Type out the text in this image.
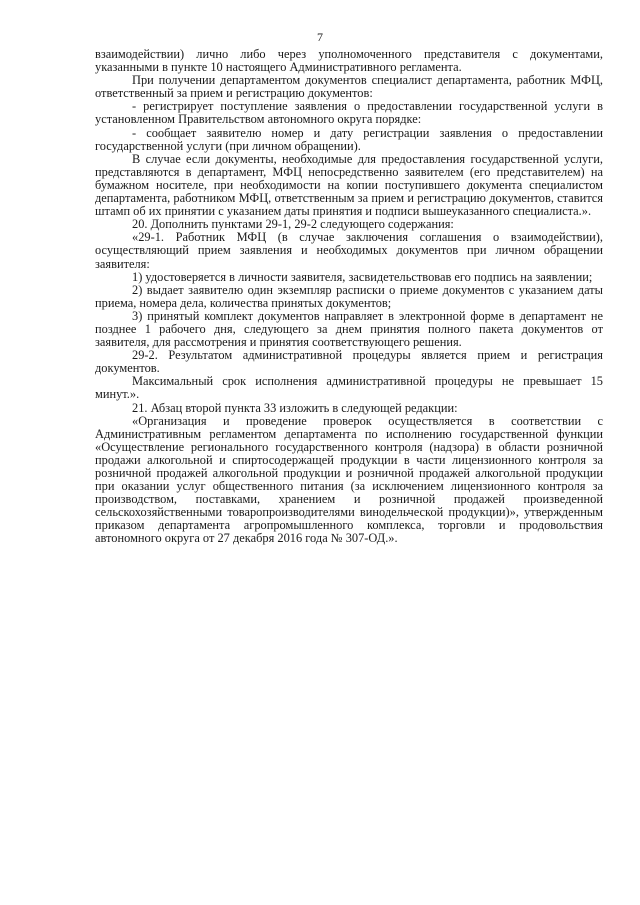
7

взаимодействии) лично либо через уполномоченного представителя с документами, указанными в пункте 10 настоящего Административного регламента.

При получении департаментом документов специалист департамента, работник МФЦ, ответственный за прием и регистрацию документов:

- регистрирует поступление заявления о предоставлении государственной услуги в установленном Правительством автономного округа порядке:

- сообщает заявителю номер и дату регистрации заявления о предоставлении государственной услуги (при личном обращении).

В случае если документы, необходимые для предоставления государственной услуги, представляются в департамент, МФЦ непосредственно заявителем (его представителем) на бумажном носителе, при необходимости на копии поступившего документа специалистом департамента, работником МФЦ, ответственным за прием и регистрацию документов, ставится штамп об их принятии с указанием даты принятия и подписи вышеуказанного специалиста.».

20. Дополнить пунктами 29-1, 29-2 следующего содержания:

«29-1. Работник МФЦ (в случае заключения соглашения о взаимодействии), осуществляющий прием заявления и необходимых документов при личном обращении заявителя:

1) удостоверяется в личности заявителя, засвидетельствовав его подпись на заявлении;

2) выдает заявителю один экземпляр расписки о приеме документов с указанием даты приема, номера дела, количества принятых документов;

3) принятый комплект документов направляет в электронной форме в департамент не позднее 1 рабочего дня, следующего за днем принятия полного пакета документов от заявителя, для рассмотрения и принятия соответствующего решения.

29-2. Результатом административной процедуры является прием и регистрация документов.

Максимальный срок исполнения административной процедуры не превышает 15 минут.».

21. Абзац второй пункта 33 изложить в следующей редакции:

«Организация и проведение проверок осуществляется в соответствии с Административным регламентом департамента по исполнению государственной функции «Осуществление регионального государственного контроля (надзора) в области розничной продажи алкогольной и спиртосодержащей продукции в части лицензионного контроля за розничной продажей алкогольной продукции и розничной продажей алкогольной продукции при оказании услуг общественного питания (за исключением лицензионного контроля за производством, поставками, хранением и розничной продажей произведенной сельскохозяйственными товаропроизводителями винодельческой продукции)», утвержденным приказом департамента агропромышленного комплекса, торговли и продовольствия автономного округа от 27 декабря 2016 года № 307-ОД.».
